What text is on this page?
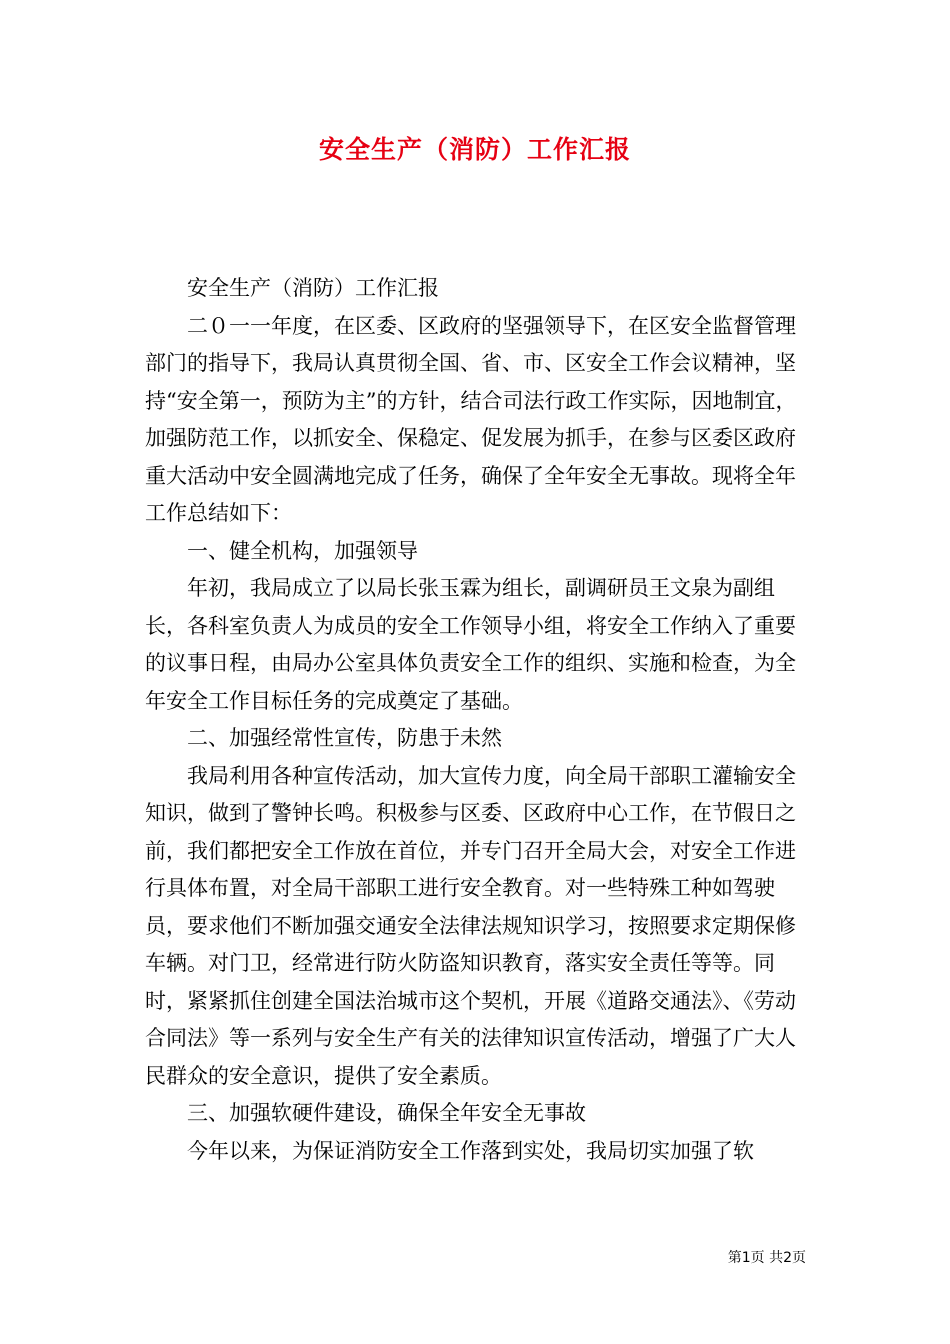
安全生产（消防）工作汇报

安全生产（消防）工作汇报

二０一一年度，在区委、区政府的坚强领导下，在区安全监督管理部门的指导下，我局认真贯彻全国、省、市、区安全工作会议精神，坚持“安全第一，预防为主”的方针，结合司法行政工作实际，因地制宜，加强防范工作，以抓安全、保稳定、促发展为抓手，在参与区委区政府重大活动中安全圆满地完成了任务，确保了全年安全无事故。现将全年工作总结如下：

一、健全机构，加强领导

年初，我局成立了以局长张玉霖为组长，副调研员王文泉为副组长，各科室负责人为成员的安全工作领导小组，将安全工作纳入了重要的议事日程，由局办公室具体负责安全工作的组织、实施和检查，为全年安全工作目标任务的完成奠定了基础。

二、加强经常性宣传，防患于未然

我局利用各种宣传活动，加大宣传力度，向全局干部职工灌输安全知识，做到了警钟长鸣。积极参与区委、区政府中心工作，在节假日之前，我们都把安全工作放在首位，并专门召开全局大会，对安全工作进行具体布置，对全局干部职工进行安全教育。对一些特殊工种如驾驶员，要求他们不断加强交通安全法律法规知识学习，按照要求定期保修车辆。对门卫，经常进行防火防盗知识教育，落实安全责任等等。同时，紧紧抓住创建全国法治城市这个契机，开展《道路交通法》、《劳动合同法》等一系列与安全生产有关的法律知识宣传活动，增强了广大人民群众的安全意识，提供了安全素质。

三、加强软硬件建设，确保全年安全无事故

今年以来，为保证消防安全工作落到实处，我局切实加强了软

第1页 共2页
